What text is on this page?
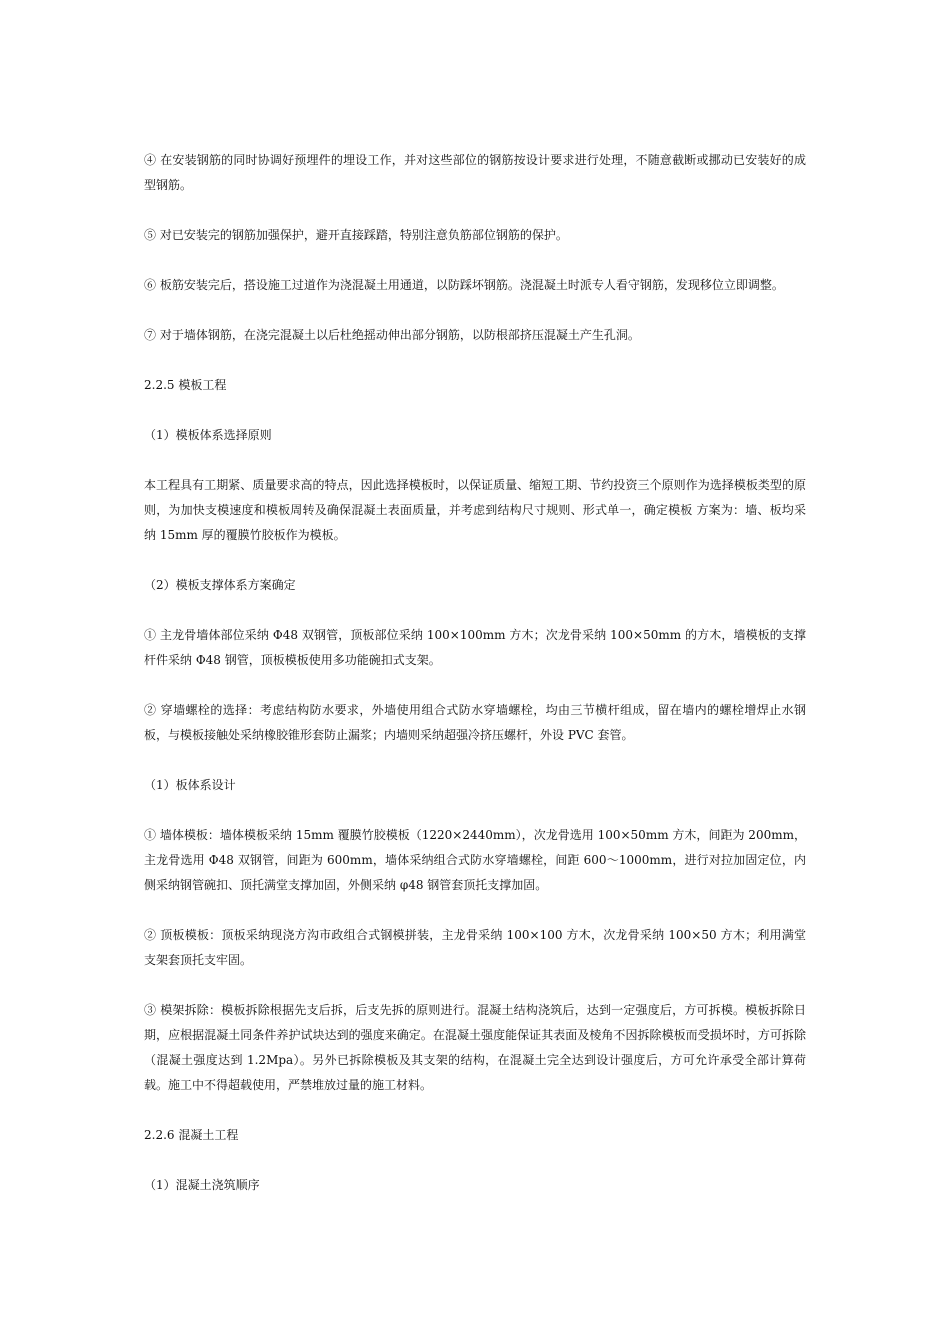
④ 在安装钢筋的同时协调好预埋件的埋设工作，并对这些部位的钢筋按设计要求进行处理，不随意截断或挪动已安装好的成型钢筋。

⑤ 对已安装完的钢筋加强保护，避开直接踩踏，特别注意负筋部位钢筋的保护。

⑥ 板筋安装完后，搭设施工过道作为浇混凝土用通道，以防踩坏钢筋。浇混凝土时派专人看守钢筋，发现移位立即调整。

⑦ 对于墙体钢筋，在浇完混凝土以后杜绝摇动伸出部分钢筋，以防根部挤压混凝土产生孔洞。

2.2.5 模板工程

（1）模板体系选择原则

本工程具有工期紧、质量要求高的特点，因此选择模板时，以保证质量、缩短工期、节约投资三个原则作为选择模板类型的原则，为加快支模速度和模板周转及确保混凝土表面质量，并考虑到结构尺寸规则、形式单一，确定模板 方案为：墙、板均采纳 15mm 厚的覆膜竹胶板作为模板。

（2）模板支撑体系方案确定

① 主龙骨墙体部位采纳 Φ48 双钢管，顶板部位采纳 100×100mm 方木；次龙骨采纳 100×50mm 的方木，墙模板的支撑杆件采纳 Φ48 钢管，顶板模板使用多功能碗扣式支架。

② 穿墙螺栓的选择：考虑结构防水要求，外墙使用组合式防水穿墙螺栓，均由三节横杆组成，留在墙内的螺栓增焊止水钢板，与模板接触处采纳橡胶锥形套防止漏浆；内墙则采纳超强冷挤压螺杆，外设 PVC 套管。

（1）板体系设计

① 墙体模板：墙体模板采纳 15mm 覆膜竹胶模板（1220×2440mm），次龙骨选用 100×50mm 方木，间距为 200mm，主龙骨选用 Φ48 双钢管，间距为 600mm，墙体采纳组合式防水穿墙螺栓，间距 600～1000mm，进行对拉加固定位，内侧采纳钢管碗扣、顶托满堂支撑加固，外侧采纳 φ48 钢管套顶托支撑加固。

② 顶板模板：顶板采纳现浇方沟市政组合式钢模拼装，主龙骨采纳 100×100 方木，次龙骨采纳 100×50 方木；利用满堂支架套顶托支牢固。

③ 模架拆除：模板拆除根据先支后拆，后支先拆的原则进行。混凝土结构浇筑后，达到一定强度后，方可拆模。模板拆除日期，应根据混凝土同条件养护试块达到的强度来确定。在混凝土强度能保证其表面及棱角不因拆除模板而受损坏时，方可拆除（混凝土强度达到 1.2Mpa）。另外已拆除模板及其支架的结构，在混凝土完全达到设计强度后，方可允许承受全部计算荷载。施工中不得超载使用，严禁堆放过量的施工材料。

2.2.6 混凝土工程

（1）混凝土浇筑顺序
